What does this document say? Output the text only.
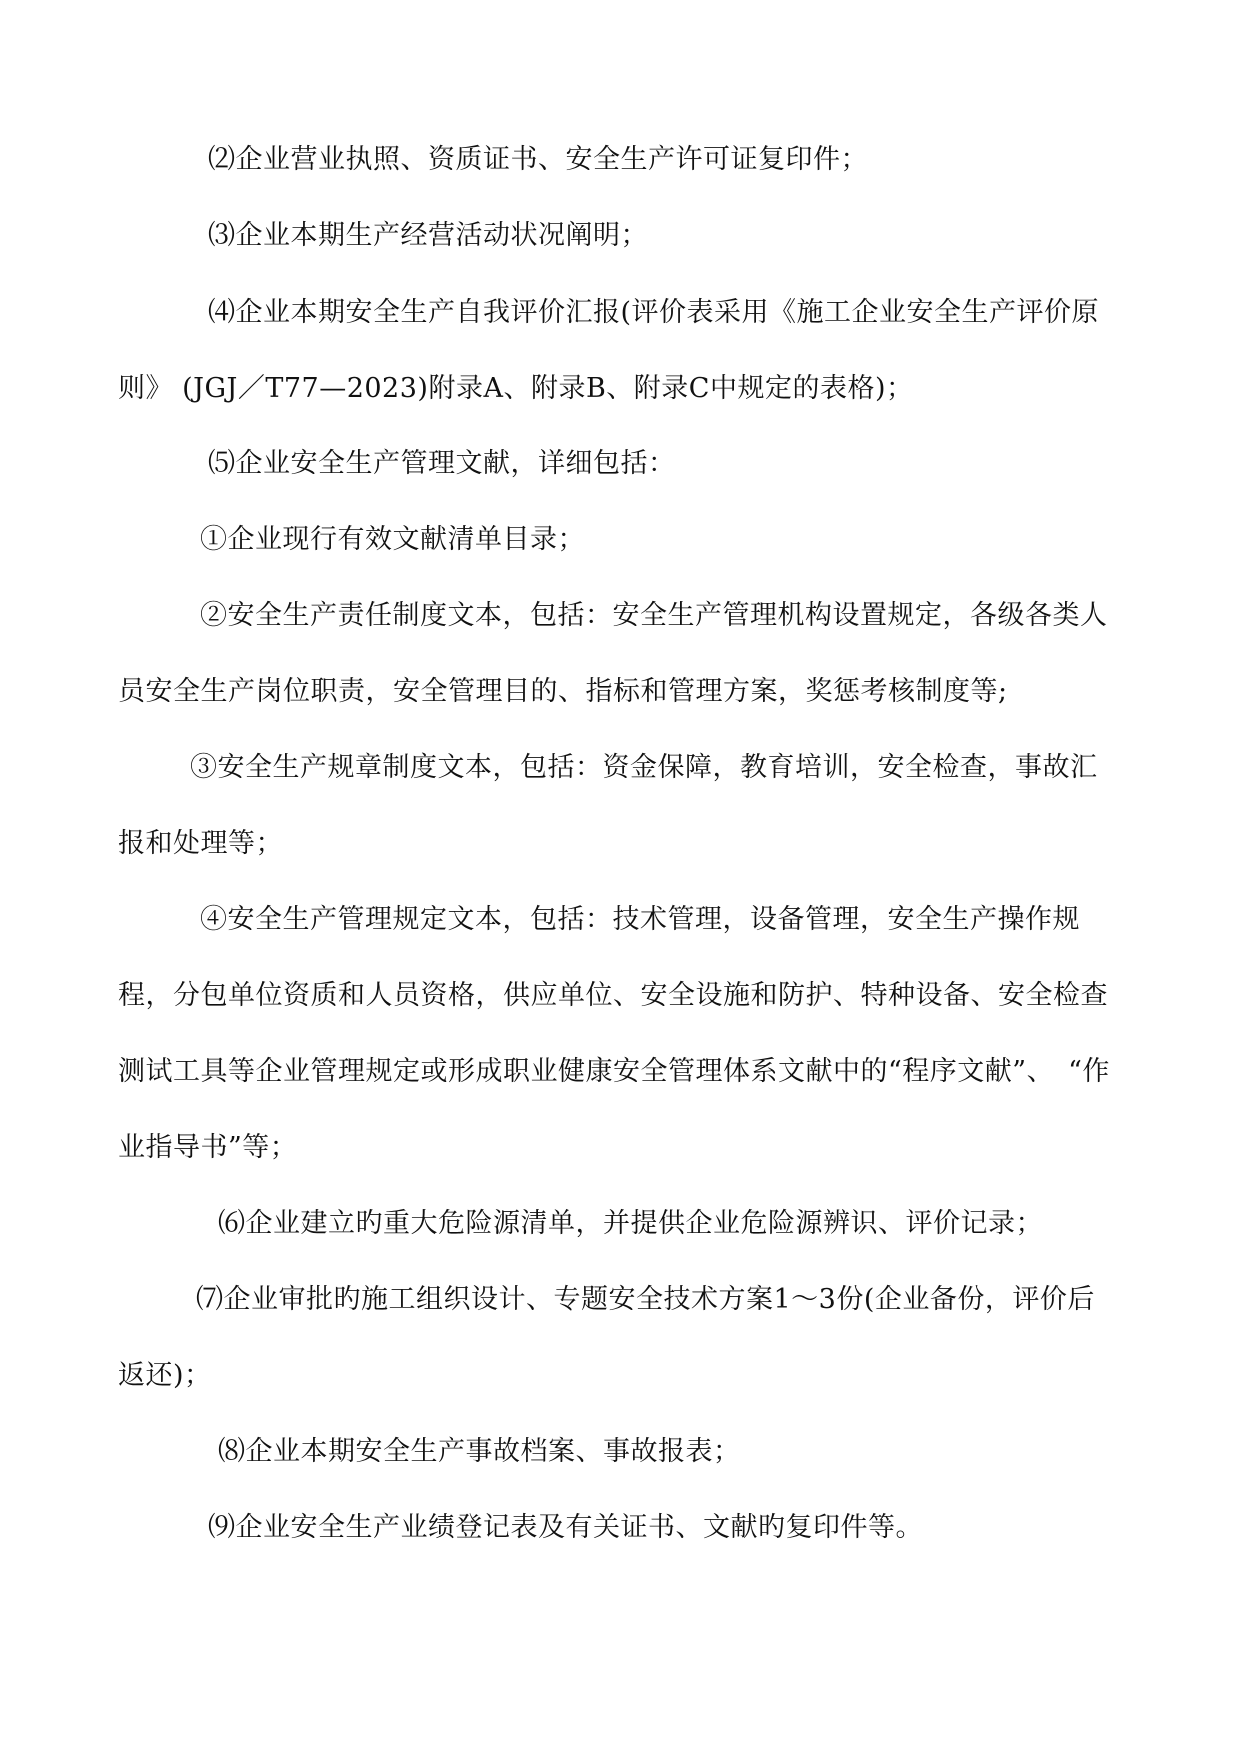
⑵企业营业执照、资质证书、安全生产许可证复印件；

⑶企业本期生产经营活动状况阐明；

⑷企业本期安全生产自我评价汇报(评价表采用《施工企业安全生产评价原则》 (JGJ／T77—2023)附录A、附录B、附录C中规定的表格)；

⑸企业安全生产管理文献，详细包括：

①企业现行有效文献清单目录；

②安全生产责任制度文本，包括：安全生产管理机构设置规定，各级各类人员安全生产岗位职责，安全管理目的、指标和管理方案，奖惩考核制度等;

③安全生产规章制度文本，包括：资金保障，教育培训，安全检查，事故汇报和处理等；

④安全生产管理规定文本，包括：技术管理，设备管理，安全生产操作规程，分包单位资质和人员资格，供应单位、安全设施和防护、特种设备、安全检查测试工具等企业管理规定或形成职业健康安全管理体系文献中的“程序文献”、　“作业指导书”等；

⑹企业建立旳重大危险源清单，并提供企业危险源辨识、评价记录；

⑺企业审批旳施工组织设计、专题安全技术方案1～3份(企业备份，评价后返还)；

⑻企业本期安全生产事故档案、事故报表；

⑼企业安全生产业绩登记表及有关证书、文献旳复印件等。
